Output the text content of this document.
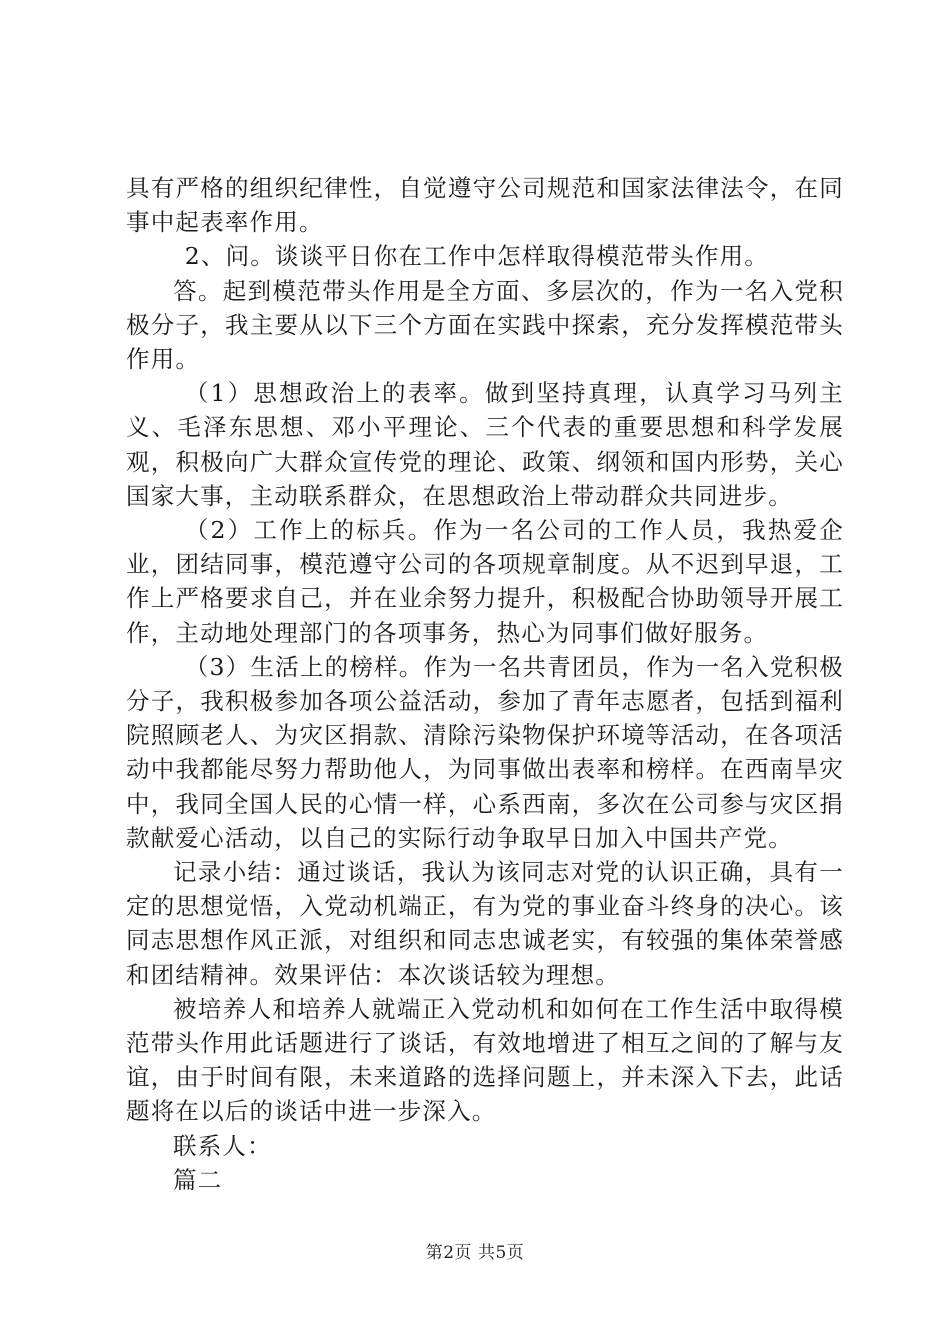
具有严格的组织纪律性，自觉遵守公司规范和国家法律法令，在同事中起表率作用。

2、问。谈谈平日你在工作中怎样取得模范带头作用。

答。起到模范带头作用是全方面、多层次的，作为一名入党积极分子，我主要从以下三个方面在实践中探索，充分发挥模范带头作用。

（1）思想政治上的表率。做到坚持真理，认真学习马列主义、毛泽东思想、邓小平理论、三个代表的重要思想和科学发展观，积极向广大群众宣传党的理论、政策、纲领和国内形势，关心国家大事，主动联系群众，在思想政治上带动群众共同进步。

（2）工作上的标兵。作为一名公司的工作人员，我热爱企业，团结同事，模范遵守公司的各项规章制度。从不迟到早退，工作上严格要求自己，并在业余努力提升，积极配合协助领导开展工作，主动地处理部门的各项事务，热心为同事们做好服务。

（3）生活上的榜样。作为一名共青团员，作为一名入党积极分子，我积极参加各项公益活动，参加了青年志愿者，包括到福利院照顾老人、为灾区捐款、清除污染物保护环境等活动，在各项活动中我都能尽努力帮助他人，为同事做出表率和榜样。在西南旱灾中，我同全国人民的心情一样，心系西南，多次在公司参与灾区捐款献爱心活动，以自己的实际行动争取早日加入中国共产党。

记录小结：通过谈话，我认为该同志对党的认识正确，具有一定的思想觉悟，入党动机端正，有为党的事业奋斗终身的决心。该同志思想作风正派，对组织和同志忠诚老实，有较强的集体荣誉感和团结精神。效果评估：本次谈话较为理想。

被培养人和培养人就端正入党动机和如何在工作生活中取得模范带头作用此话题进行了谈话，有效地增进了相互之间的了解与友谊，由于时间有限，未来道路的选择问题上，并未深入下去，此话题将在以后的谈话中进一步深入。

联系人：

篇二

第2页 共5页
